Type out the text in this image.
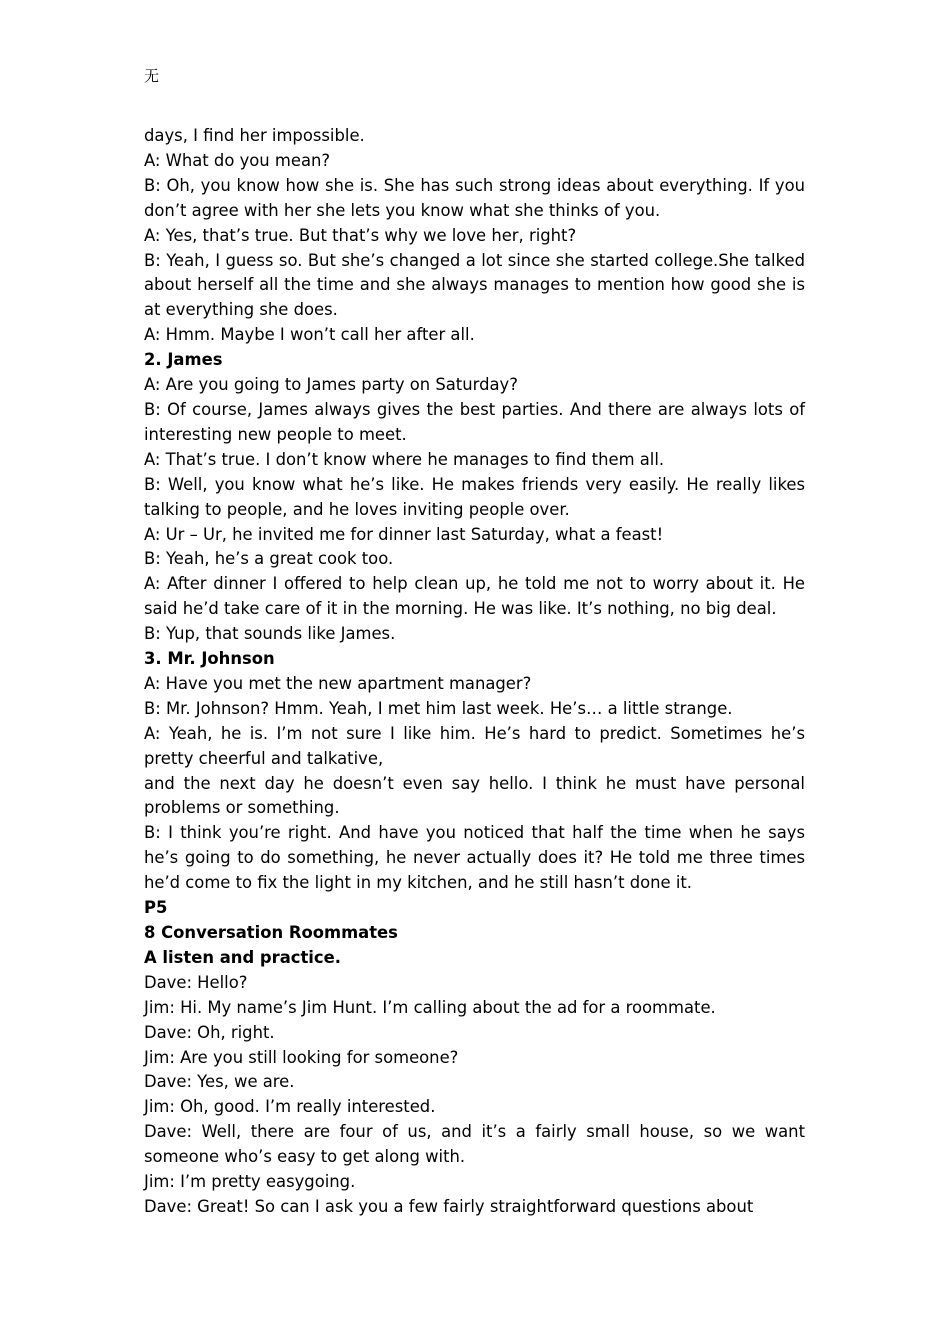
无

days, I find her impossible.

A: What do you mean?

B: Oh, you know how she is. She has such strong ideas about everything. If you don’t agree with her she lets you know what she thinks of you.

A: Yes, that’s true. But that’s why we love her, right?

B: Yeah, I guess so. But she’s changed a lot since she started college.She talked about herself all the time and she always manages to mention how good she is at everything she does.

A: Hmm. Maybe I won’t call her after all.

2. James

A: Are you going to James party on Saturday?

B: Of course, James always gives the best parties. And there are always lots of interesting new people to meet.

A: That’s true. I don’t know where he manages to find them all.

B: Well, you know what he’s like. He makes friends very easily. He really likes talking to people, and he loves inviting people over.

A: Ur – Ur, he invited me for dinner last Saturday, what a feast!

B: Yeah, he’s a great cook too.

A: After dinner I offered to help clean up, he told me not to worry about it. He said he’d take care of it in the morning. He was like. It’s nothing, no big deal.

B: Yup, that sounds like James.

3. Mr. Johnson

A: Have you met the new apartment manager?

B: Mr. Johnson? Hmm. Yeah, I met him last week. He’s… a little strange.

A: Yeah, he is. I’m not sure I like him. He’s hard to predict. Sometimes he’s pretty cheerful and talkative,

and the next day he doesn’t even say hello. I think he must have personal problems or something.

B: I think you’re right. And have you noticed that half the time when he says he’s going to do something, he never actually does it? He told me three times he’d come to fix the light in my kitchen, and he still hasn’t done it.

P5

8 Conversation Roommates

A listen and practice.

Dave: Hello?

Jim: Hi. My name’s Jim Hunt. I’m calling about the ad for a roommate.

Dave: Oh, right.

Jim: Are you still looking for someone?

Dave: Yes, we are.

Jim: Oh, good. I’m really interested.

Dave: Well, there are four of us, and it’s a fairly small house, so we want someone who’s easy to get along with.

Jim: I’m pretty easygoing.

Dave: Great! So can I ask you a few fairly straightforward questions about
